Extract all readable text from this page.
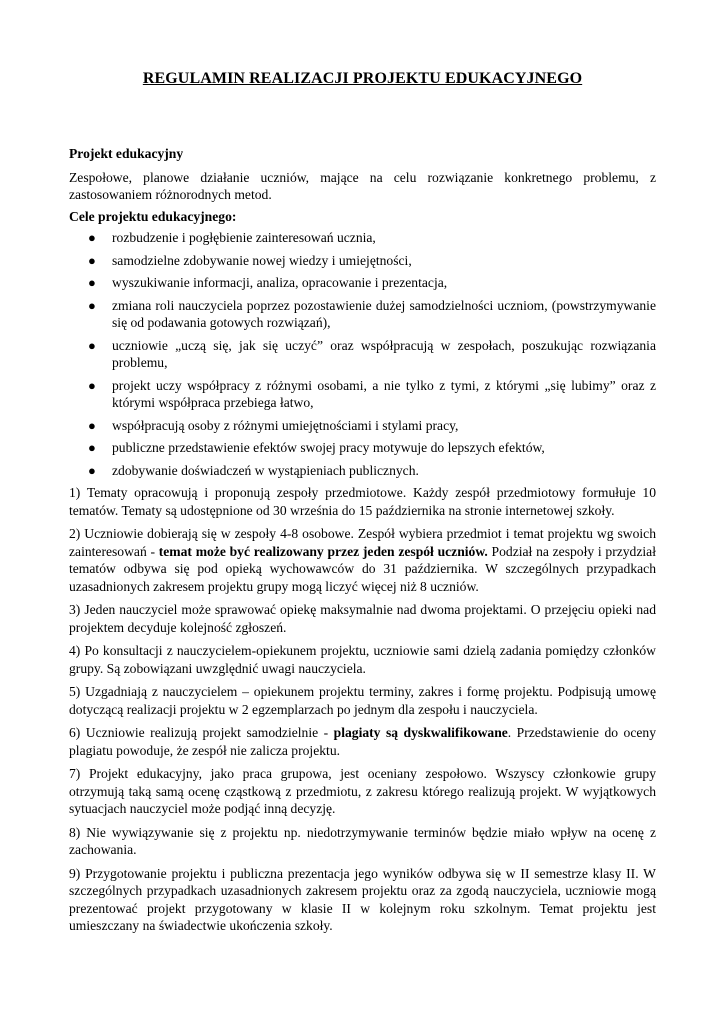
REGULAMIN REALIZACJI PROJEKTU EDUKACYJNEGO

Projekt edukacyjny

Zespołowe, planowe działanie uczniów, mające na celu rozwiązanie konkretnego problemu, z zastosowaniem różnorodnych metod.

Cele projektu edukacyjnego:

● rozbudzenie i pogłębienie zainteresowań ucznia,
● samodzielne zdobywanie nowej wiedzy i umiejętności,
● wyszukiwanie informacji, analiza, opracowanie i prezentacja,
● zmiana roli nauczyciela poprzez pozostawienie dużej samodzielności uczniom, (powstrzymywanie się od podawania gotowych rozwiązań),
● uczniowie „uczą się, jak się uczyć” oraz współpracują w zespołach, poszukując rozwiązania problemu,
● projekt uczy współpracy z różnymi osobami, a nie tylko z tymi, z którymi „się lubimy” oraz z którymi współpraca przebiega łatwo,
● współpracują osoby z różnymi umiejętnościami i stylami pracy,
● publiczne przedstawienie efektów swojej pracy motywuje do lepszych efektów,
● zdobywanie doświadczeń w wystąpieniach publicznych.

1) Tematy opracowują i proponują zespoły przedmiotowe. Każdy zespół przedmiotowy formułuje 10 tematów. Tematy są udostępnione od 30 września do 15 października na stronie internetowej szkoły.

2) Uczniowie dobierają się w zespoły 4-8 osobowe. Zespół wybiera przedmiot i temat projektu wg swoich zainteresowań - temat może być realizowany przez jeden zespół uczniów. Podział na zespoły i przydział tematów odbywa się pod opieką wychowawców do 31 października. W szczególnych przypadkach uzasadnionych zakresem projektu grupy mogą liczyć więcej niż 8 uczniów.

3) Jeden nauczyciel może sprawować opiekę maksymalnie nad dwoma projektami. O przejęciu opieki nad projektem decyduje kolejność zgłoszeń.

4) Po konsultacji z nauczycielem-opiekunem projektu, uczniowie sami dzielą zadania pomiędzy członków grupy. Są zobowiązani uwzględnić uwagi nauczyciela.

5) Uzgadniają z nauczycielem – opiekunem projektu terminy, zakres i formę projektu. Podpisują umowę dotyczącą realizacji projektu w 2 egzemplarzach po jednym dla zespołu i nauczyciela.

6) Uczniowie realizują projekt samodzielnie - plagiaty są dyskwalifikowane. Przedstawienie do oceny plagiatu powoduje, że zespół nie zalicza projektu.

7) Projekt edukacyjny, jako praca grupowa, jest oceniany zespołowo. Wszyscy członkowie grupy otrzymują taką samą ocenę cząstkową z przedmiotu, z zakresu którego realizują projekt. W wyjątkowych sytuacjach nauczyciel może podjąć inną decyzję.

8) Nie wywiązywanie się z projektu np. niedotrzymywanie terminów będzie miało wpływ na ocenę z zachowania.

9) Przygotowanie projektu i publiczna prezentacja jego wyników odbywa się w II semestrze klasy II. W szczególnych przypadkach uzasadnionych zakresem projektu oraz za zgodą nauczyciela, uczniowie mogą prezentować projekt przygotowany w klasie II w kolejnym roku szkolnym. Temat projektu jest umieszczany na świadectwie ukończenia szkoły.
